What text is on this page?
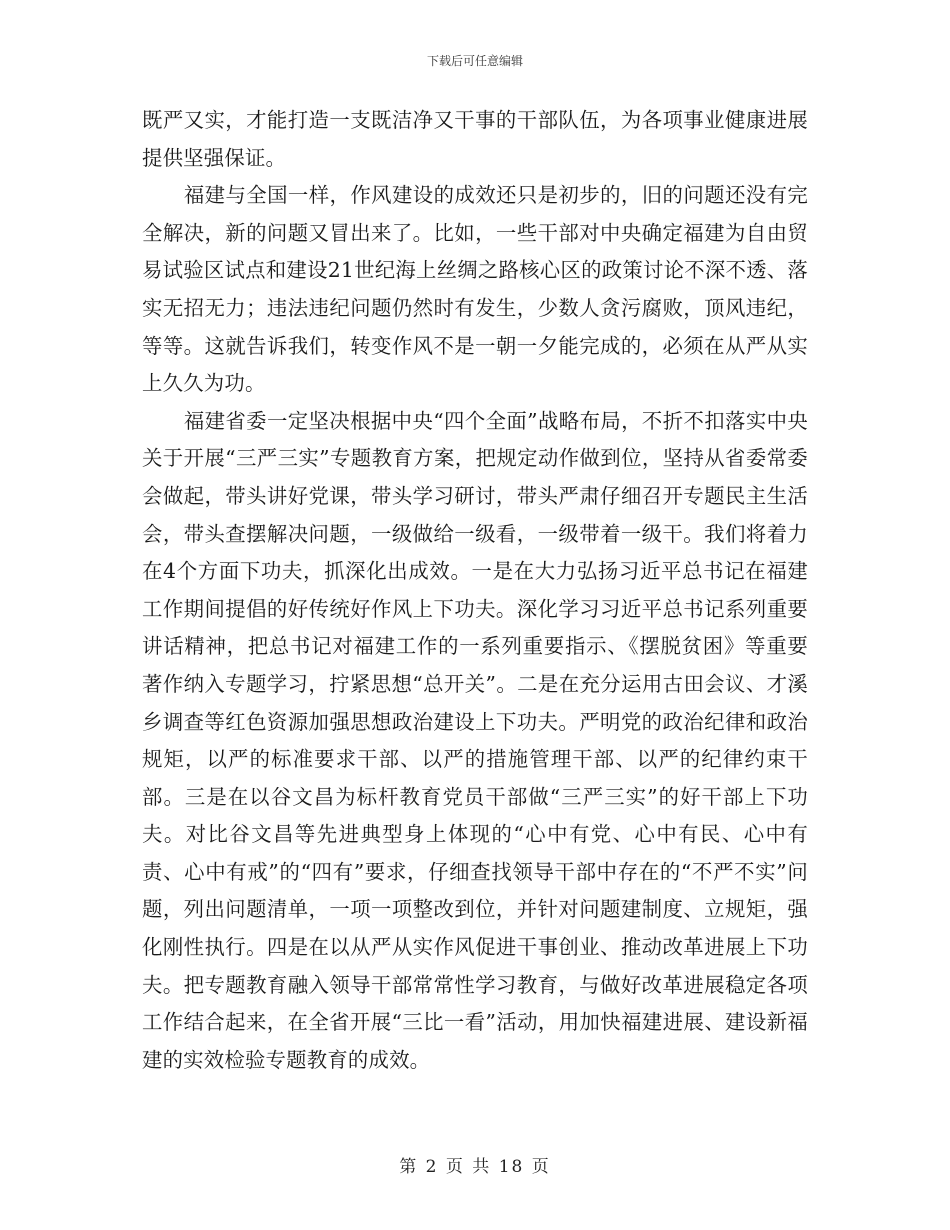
下载后可任意编辑

既严又实，才能打造一支既洁净又干事的干部队伍，为各项事业健康进展提供坚强保证。

福建与全国一样，作风建设的成效还只是初步的，旧的问题还没有完全解决，新的问题又冒出来了。比如，一些干部对中央确定福建为自由贸易试验区试点和建设21世纪海上丝绸之路核心区的政策讨论不深不透、落实无招无力；违法违纪问题仍然时有发生，少数人贪污腐败，顶风违纪，等等。这就告诉我们，转变作风不是一朝一夕能完成的，必须在从严从实上久久为功。

福建省委一定坚决根据中央“四个全面”战略布局，不折不扣落实中央关于开展“三严三实”专题教育方案，把规定动作做到位，坚持从省委常委会做起，带头讲好党课，带头学习研讨，带头严肃仔细召开专题民主生活会，带头查摆解决问题，一级做给一级看，一级带着一级干。我们将着力在4个方面下功夫，抓深化出成效。一是在大力弘扬习近平总书记在福建工作期间提倡的好传统好作风上下功夫。深化学习习近平总书记系列重要讲话精神，把总书记对福建工作的一系列重要指示、《摆脱贫困》等重要著作纳入专题学习，拧紧思想“总开关”。二是在充分运用古田会议、才溪乡调查等红色资源加强思想政治建设上下功夫。严明党的政治纪律和政治规矩，以严的标准要求干部、以严的措施管理干部、以严的纪律约束干部。三是在以谷文昌为标杆教育党员干部做“三严三实”的好干部上下功夫。对比谷文昌等先进典型身上体现的“心中有党、心中有民、心中有责、心中有戒”的“四有”要求，仔细查找领导干部中存在的“不严不实”问题，列出问题清单，一项一项整改到位，并针对问题建制度、立规矩，强化刚性执行。四是在以从严从实作风促进干事创业、推动改革进展上下功夫。把专题教育融入领导干部常常性学习教育，与做好改革进展稳定各项工作结合起来，在全省开展“三比一看”活动，用加快福建进展、建设新福建的实效检验专题教育的成效。

第 2 页 共 18 页
